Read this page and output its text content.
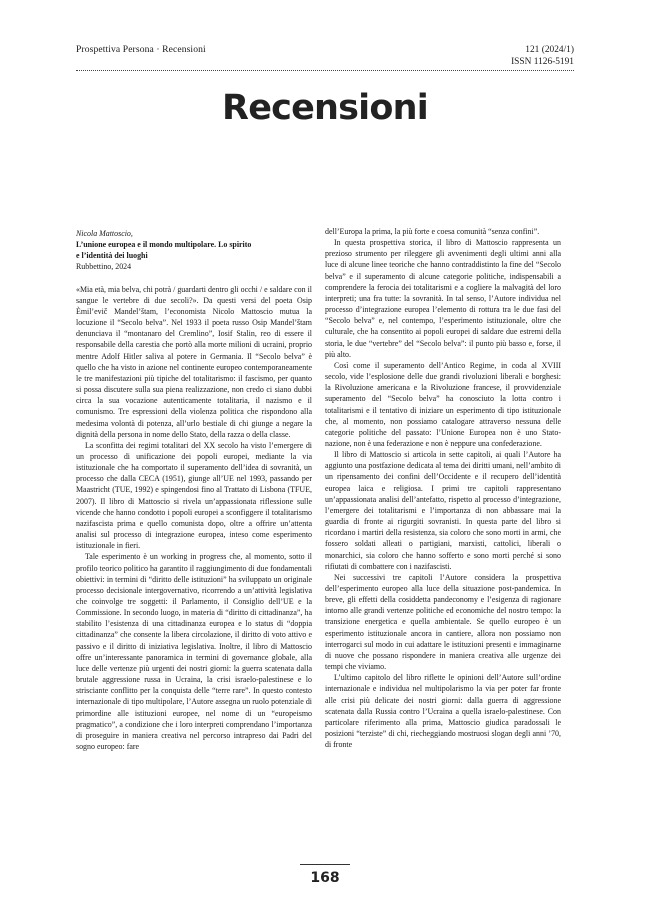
Prospettiva Persona · Recensioni	121 (2024/1)
ISSN 1126-5191
Recensioni
Nicola Mattoscio,
L’unione europea e il mondo multipolare. Lo spirito
e l’identità dei luoghi
Rubbettino, 2024

«Mia età, mia belva, chi potrà / guardarti dentro gli occhi / e saldare con il sangue le vertebre di due secoli?». Da questi versi del poeta Osip Èmil’evič Mandel’štam, l’economista Nicolo Mattoscio mutua la locuzione il “Secolo belva”. Nel 1933 il poeta russo Osip Mandel’štam denunciava il “montanaro del Cremlino”, Iosif Stalin, reo di essere il responsabile della carestia che portò alla morte milioni di ucraini, proprio mentre Adolf Hitler saliva al potere in Germania. Il “Secolo belva” è quello che ha visto in azione nel continente europeo contemporaneamente le tre manifestazioni più tipiche del totalitarismo: il fascismo, per quanto si possa discutere sulla sua piena realizzazione, non credo ci siano dubbi circa la sua vocazione autenticamente totalitaria, il nazismo e il comunismo. Tre espressioni della violenza politica che rispondono alla medesima volontà di potenza, all’urlo bestiale di chi giunge a negare la dignità della persona in nome dello Stato, della razza o della classe.

La sconfitta dei regimi totalitari del XX secolo ha visto l’emergere di un processo di unificazione dei popoli europei, mediante la via istituzionale che ha comportato il superamento dell’idea di sovranità, un processo che dalla CECA (1951), giunge all’UE nel 1993, passando per Maastricht (TUE, 1992) e spingendosi fino al Trattato di Lisbona (TFUE, 2007). Il libro di Mattoscio si rivela un’appassionata riflessione sulle vicende che hanno condotto i popoli europei a sconfiggere il totalitarismo nazifascista prima e quello comunista dopo, oltre a offrire un’attenta analisi sul processo di integrazione europea, inteso come esperimento istituzionale in fieri.

Tale esperimento è un working in progress che, al momento, sotto il profilo teorico politico ha garantito il raggiungimento di due fondamentali obiettivi: in termini di “diritto delle istituzioni” ha sviluppato un originale processo decisionale intergovernativo, ricorrendo a un’attività legislativa che coinvolge tre soggetti: il Parlamento, il Consiglio dell’UE e la Commissione. In secondo luogo, in materia di “diritto di cittadinanza”, ha stabilito l’esistenza di una cittadinanza europea e lo status di “doppia cittadinanza” che consente la libera circolazione, il diritto di voto attivo e passivo e il diritto di iniziativa legislativa. Inoltre, il libro di Mattoscio offre un’interessante panoramica in termini di governance globale, alla luce delle vertenze più urgenti dei nostri giorni: la guerra scatenata dalla brutale aggressione russa in Ucraina, la crisi israelo-palestinese e lo strisciante conflitto per la conquista delle “terre rare”. In questo contesto internazionale di tipo multipolare, l’Autore assegna un ruolo potenziale di primordine alle istituzioni europee, nel nome di un “europeismo pragmatico”, a condizione che i loro interpreti comprendano l’importanza di proseguire in maniera creativa nel percorso intrapreso dai Padri del sogno europeo: fare

dell’Europa la prima, la più forte e coesa comunità “senza confini”.

In questa prospettiva storica, il libro di Mattoscio rappresenta un prezioso strumento per rileggere gli avvenimenti degli ultimi anni alla luce di alcune linee teoriche che hanno contraddistinto la fine del “Secolo belva” e il superamento di alcune categorie politiche, indispensabili a comprendere la ferocia dei totalitarismi e a cogliere la malvagità del loro interpreti; una fra tutte: la sovranità. In tal senso, l’Autore individua nel processo d’integrazione europea l’elemento di rottura tra le due fasi del “Secolo belva” e, nel contempo, l’esperimento istituzionale, oltre che culturale, che ha consentito ai popoli europei di saldare due estremi della storia, le due “vertebre” del “Secolo belva”: il punto più basso e, forse, il più alto.

Così come il superamento dell’Antico Regime, in coda al XVIII secolo, vide l’esplosione delle due grandi rivoluzioni liberali e borghesi: la Rivoluzione americana e la Rivoluzione francese, il provvidenziale superamento del “Secolo belva” ha conosciuto la lotta contro i totalitarismi e il tentativo di iniziare un esperimento di tipo istituzionale che, al momento, non possiamo catalogare attraverso nessuna delle categorie politiche del passato: l’Unione Europea non è uno Stato-nazione, non è una federazione e non è neppure una confederazione.

Il libro di Mattoscio si articola in sette capitoli, ai quali l’Autore ha aggiunto una postfazione dedicata al tema dei diritti umani, nell’ambito di un ripensamento dei confini dell’Occidente e il recupero dell’identità europea laica e religiosa. I primi tre capitoli rappresentano un’appassionata analisi dell’antefatto, rispetto al processo d’integrazione, l’emergere dei totalitarismi e l’importanza di non abbassare mai la guardia di fronte ai rigurgiti sovranisti. In questa parte del libro si ricordano i martiri della resistenza, sia coloro che sono morti in armi, che fossero soldati alleati o partigiani, marxisti, cattolici, liberali o monarchici, sia coloro che hanno sofferto e sono morti perché si sono rifiutati di combattere con i nazifascisti.

Nei successivi tre capitoli l’Autore considera la prospettiva dell’esperimento europeo alla luce della situazione post-pandemica. In breve, gli effetti della cosiddetta pandeconomy e l’esigenza di ragionare intorno alle grandi vertenze politiche ed economiche del nostro tempo: la transizione energetica e quella ambientale. Se quello europeo è un esperimento istituzionale ancora in cantiere, allora non possiamo non interrogarci sul modo in cui adattare le istituzioni presenti e immaginarne di nuove che possano rispondere in maniera creativa alle urgenze dei tempi che viviamo.

L’ultimo capitolo del libro riflette le opinioni dell’Autore sull’ordine internazionale e individua nel multipolarismo la via per poter far fronte alle crisi più delicate dei nostri giorni: dalla guerra di aggressione scatenata dalla Russia contro l’Ucraina a quella israelo-palestinese. Con particolare riferimento alla prima, Mattoscio giudica paradossali le posizioni “terziste” di chi, riecheggiando mostruosi slogan degli anni ’70, di fronte

168
